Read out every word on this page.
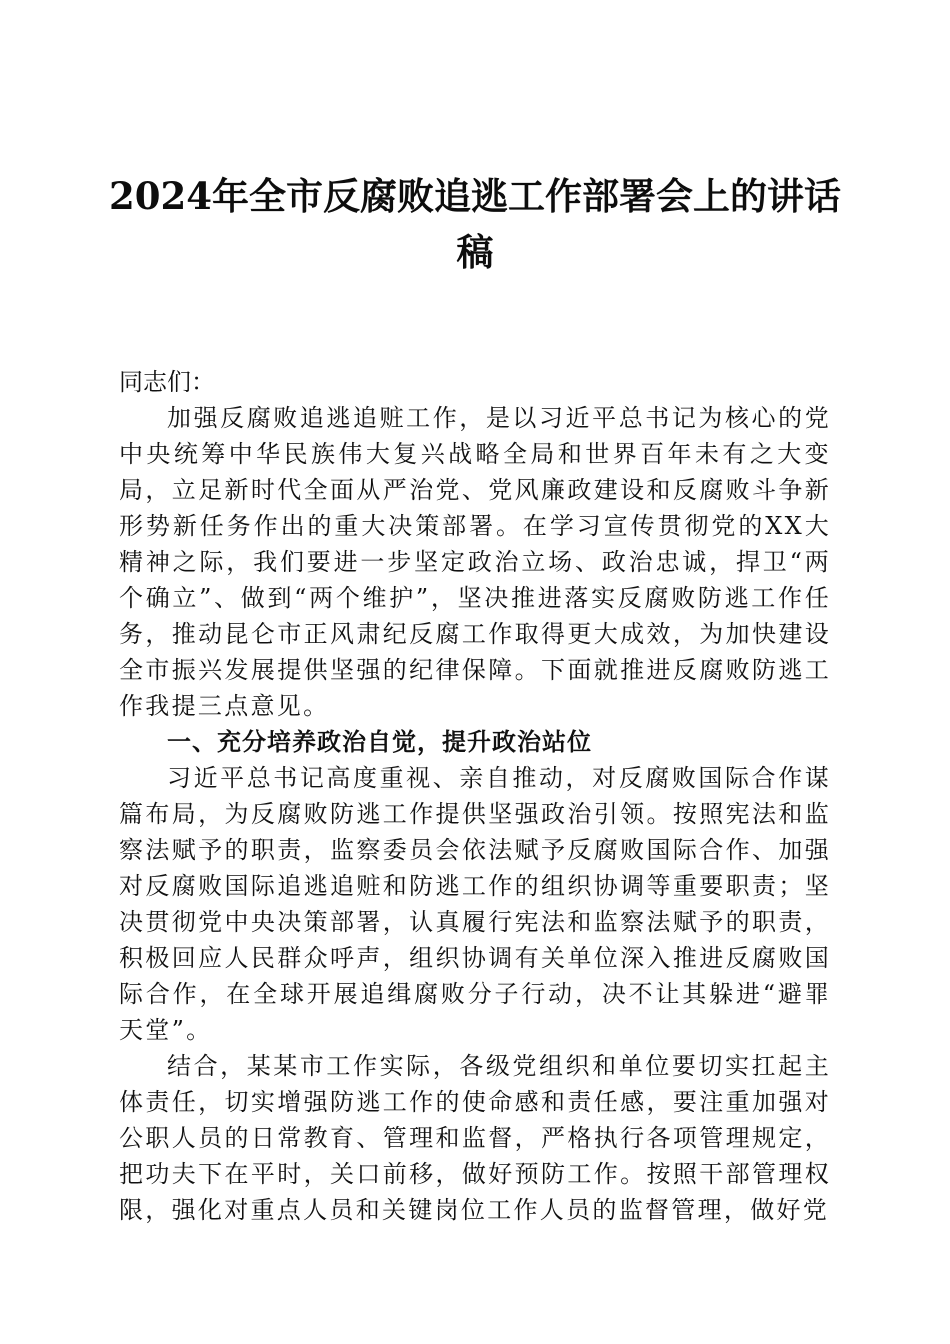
2024年全市反腐败追逃工作部署会上的讲话
稿

同志们：

加强反腐败追逃追赃工作，是以习近平总书记为核心的党中央统筹中华民族伟大复兴战略全局和世界百年未有之大变局，立足新时代全面从严治党、党风廉政建设和反腐败斗争新形势新任务作出的重大决策部署。在学习宣传贯彻党的XX大精神之际，我们要进一步坚定政治立场、政治忠诚，捍卫“两个确立”、做到“两个维护”，坚决推进落实反腐败防逃工作任务，推动昆仑市正风肃纪反腐工作取得更大成效，为加快建设全市振兴发展提供坚强的纪律保障。下面就推进反腐败防逃工作我提三点意见。

一、充分培养政治自觉，提升政治站位

习近平总书记高度重视、亲自推动，对反腐败国际合作谋篇布局，为反腐败防逃工作提供坚强政治引领。按照宪法和监察法赋予的职责，监察委员会依法赋予反腐败国际合作、加强对反腐败国际追逃追赃和防逃工作的组织协调等重要职责；坚决贯彻党中央决策部署，认真履行宪法和监察法赋予的职责，积极回应人民群众呼声，组织协调有关单位深入推进反腐败国际合作，在全球开展追缉腐败分子行动，决不让其躲进“避罪天堂”。

结合，某某市工作实际，各级党组织和单位要切实扛起主体责任，切实增强防逃工作的使命感和责任感，要注重加强对公职人员的日常教育、管理和监督，严格执行各项管理规定，把功夫下在平时，关口前移，做好预防工作。按照干部管理权限，强化对重点人员和关键岗位工作人员的监督管理，做好党
